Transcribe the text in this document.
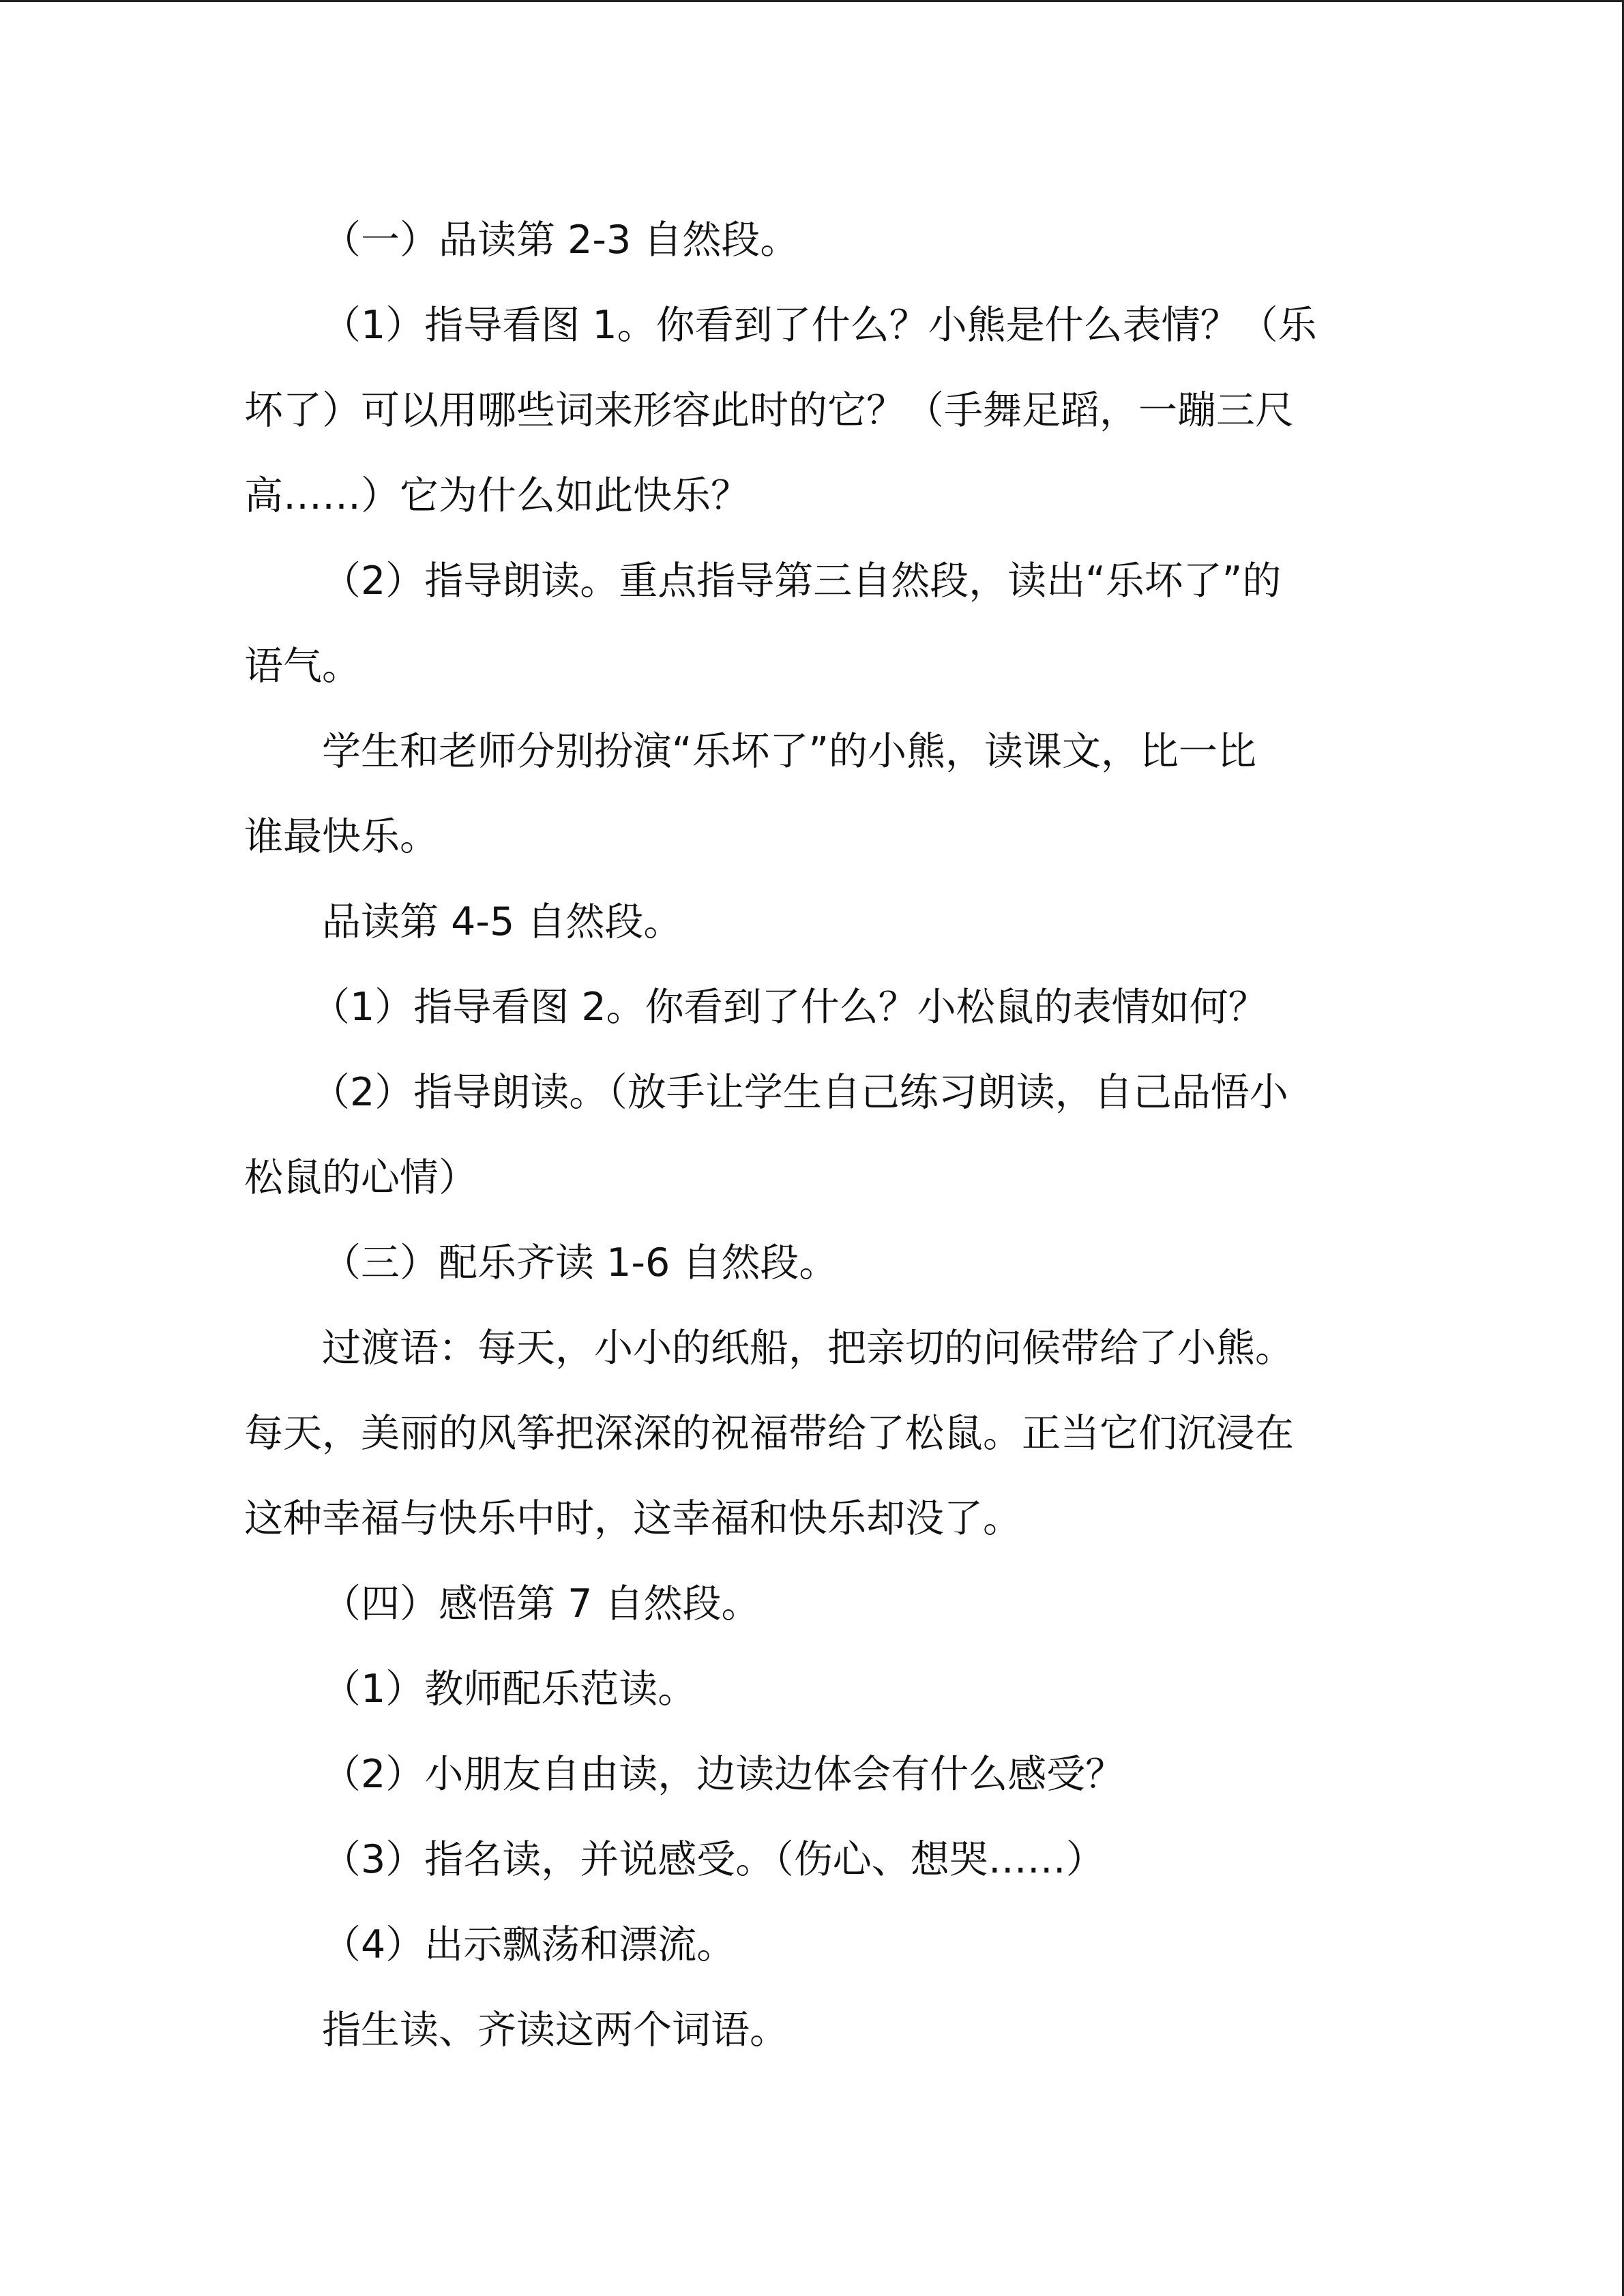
（一）品读第 2-3 自然段。
（1）指导看图 1。你看到了什么？小熊是什么表情？（乐
坏了）可以用哪些词来形容此时的它？（手舞足蹈，一蹦三尺
高……）它为什么如此快乐？
（2）指导朗读。重点指导第三自然段，读出“乐坏了”的
语气。
学生和老师分别扮演“乐坏了”的小熊，读课文，比一比
谁最快乐。
品读第 4-5 自然段。
（1）指导看图 2。你看到了什么？小松鼠的表情如何？
（2）指导朗读。（放手让学生自己练习朗读，自己品悟小
松鼠的心情）
（三）配乐齐读 1-6 自然段。
过渡语：每天，小小的纸船，把亲切的问候带给了小熊。
每天，美丽的风筝把深深的祝福带给了松鼠。正当它们沉浸在
这种幸福与快乐中时，这幸福和快乐却没了。
（四）感悟第 7 自然段。
（1）教师配乐范读。
（2）小朋友自由读，边读边体会有什么感受？
（3）指名读，并说感受。（伤心、想哭……）
（4）出示飘荡和漂流。
指生读、齐读这两个词语。
